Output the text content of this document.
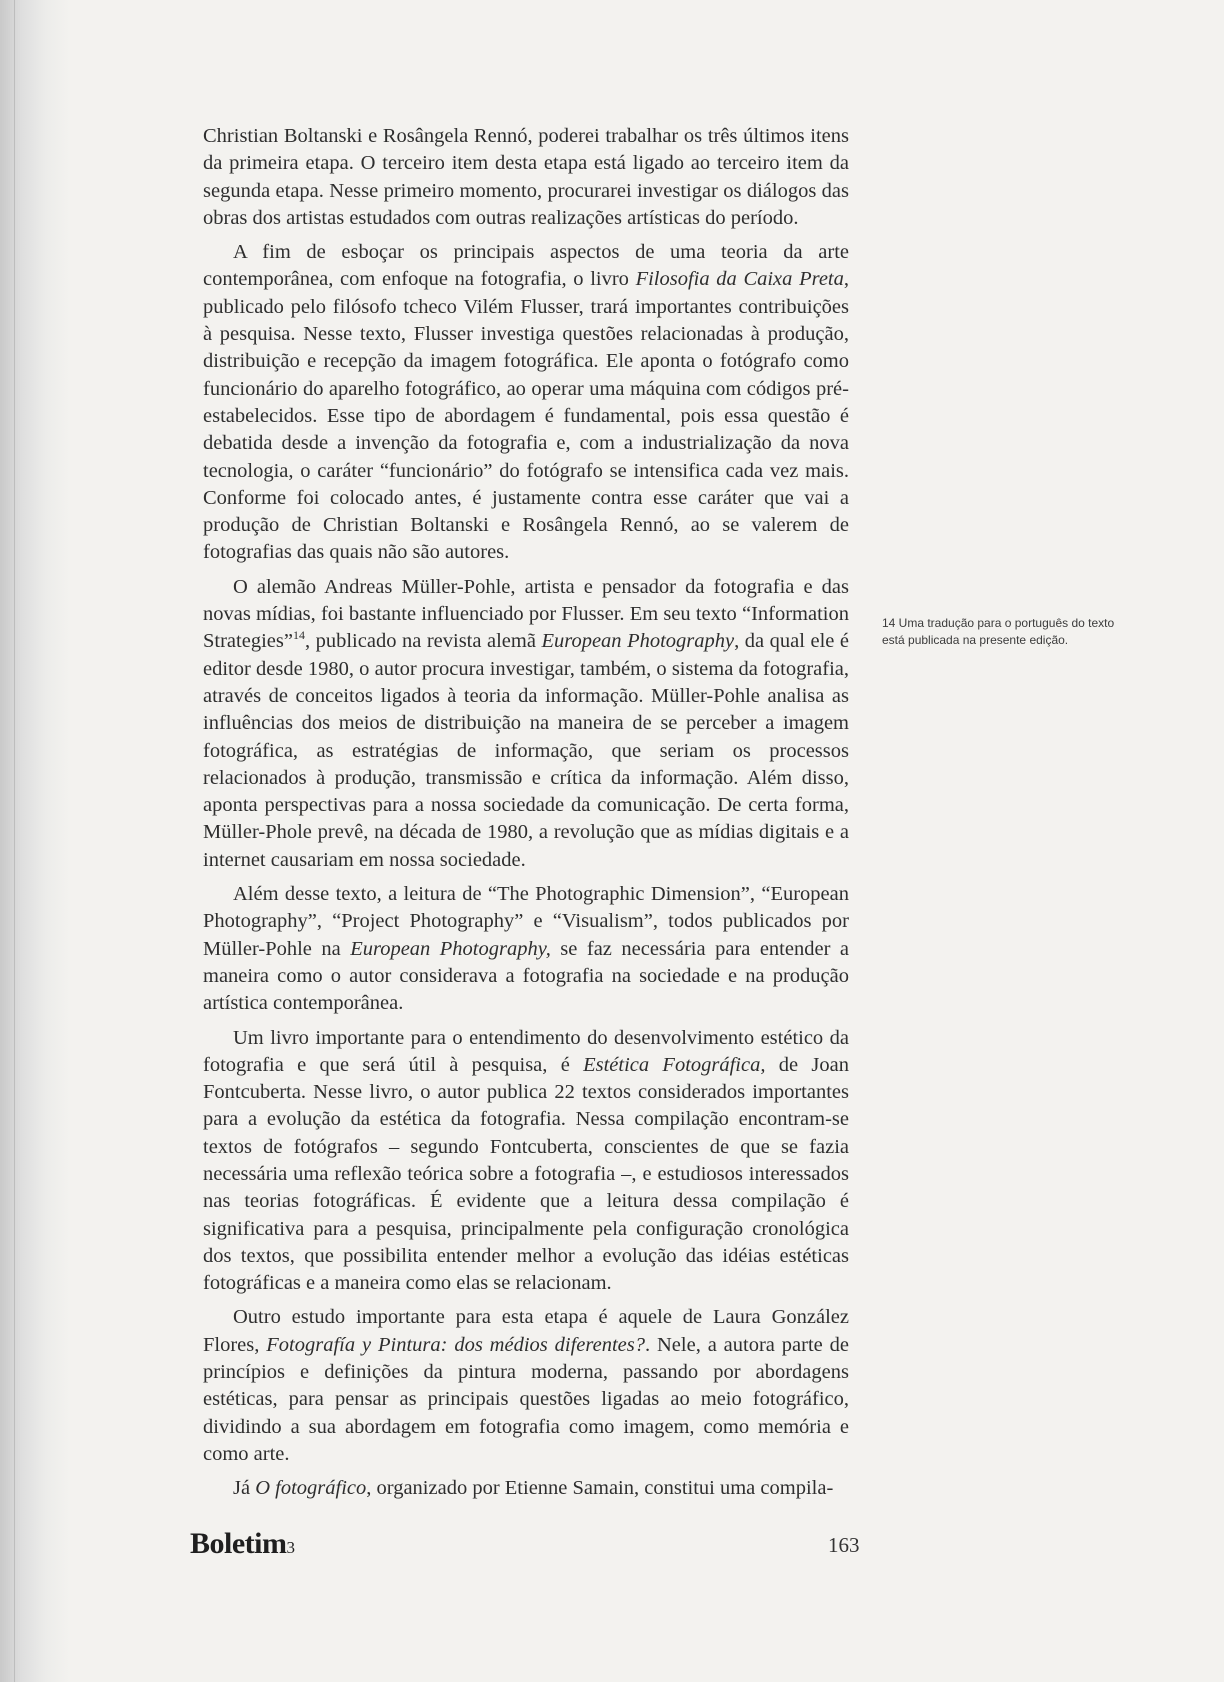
Christian Boltanski e Rosângela Rennó, poderei trabalhar os três últimos itens da primeira etapa. O terceiro item desta etapa está ligado ao terceiro item da segunda etapa. Nesse primeiro momento, procurarei investigar os diálogos das obras dos artistas estudados com outras realizações artísticas do período.

A fim de esboçar os principais aspectos de uma teoria da arte contemporânea, com enfoque na fotografia, o livro Filosofia da Caixa Preta, publicado pelo filósofo tcheco Vilém Flusser, trará importantes contribuições à pesquisa. Nesse texto, Flusser investiga questões relacionadas à produção, distribuição e recepção da imagem fotográfica. Ele aponta o fotógrafo como funcionário do aparelho fotográfico, ao operar uma máquina com códigos pré-estabelecidos. Esse tipo de abordagem é fundamental, pois essa questão é debatida desde a invenção da fotografia e, com a industrialização da nova tecnologia, o caráter “funcionário” do fotógrafo se intensifica cada vez mais. Conforme foi colocado antes, é justamente contra esse caráter que vai a produção de Christian Boltanski e Rosângela Rennó, ao se valerem de fotografias das quais não são autores.

O alemão Andreas Müller-Pohle, artista e pensador da fotografia e das novas mídias, foi bastante influenciado por Flusser. Em seu texto “Information Strategies”$^{14}$, publicado na revista alemã European Photography, da qual ele é editor desde 1980, o autor procura investigar, também, o sistema da fotografia, através de conceitos ligados à teoria da informação. Müller-Pohle analisa as influências dos meios de distribuição na maneira de se perceber a imagem fotográfica, as estratégias de informação, que seriam os processos relacionados à produção, transmissão e crítica da informação. Além disso, aponta perspectivas para a nossa sociedade da comunicação. De certa forma, Müller-Phole prevê, na década de 1980, a revolução que as mídias digitais e a internet causariam em nossa sociedade.

Além desse texto, a leitura de “The Photographic Dimension”, “European Photography”, “Project Photography” e “Visualism”, todos publicados por Müller-Pohle na European Photography, se faz necessária para entender a maneira como o autor considerava a fotografia na sociedade e na produção artística contemporânea.

Um livro importante para o entendimento do desenvolvimento estético da fotografia e que será útil à pesquisa, é Estética Fotográfica, de Joan Fontcuberta. Nesse livro, o autor publica 22 textos considerados importantes para a evolução da estética da fotografia. Nessa compilação encontram-se textos de fotógrafos – segundo Fontcuberta, conscientes de que se fazia necessária uma reflexão teórica sobre a fotografia –, e estudiosos interessados nas teorias fotográficas. É evidente que a leitura dessa compilação é significativa para a pesquisa, principalmente pela configuração cronológica dos textos, que possibilita entender melhor a evolução das idéias estéticas fotográficas e a maneira como elas se relacionam.

Outro estudo importante para esta etapa é aquele de Laura González Flores, Fotografía y Pintura: dos médios diferentes?. Nele, a autora parte de princípios e definições da pintura moderna, passando por abordagens estéticas, para pensar as principais questões ligadas ao meio fotográfico, dividindo a sua abordagem em fotografia como imagem, como memória e como arte.

Já O fotográfico, organizado por Etienne Samain, constitui uma compila-

14 Uma tradução para o português do texto está publicada na presente edição.
Boletim3	163
